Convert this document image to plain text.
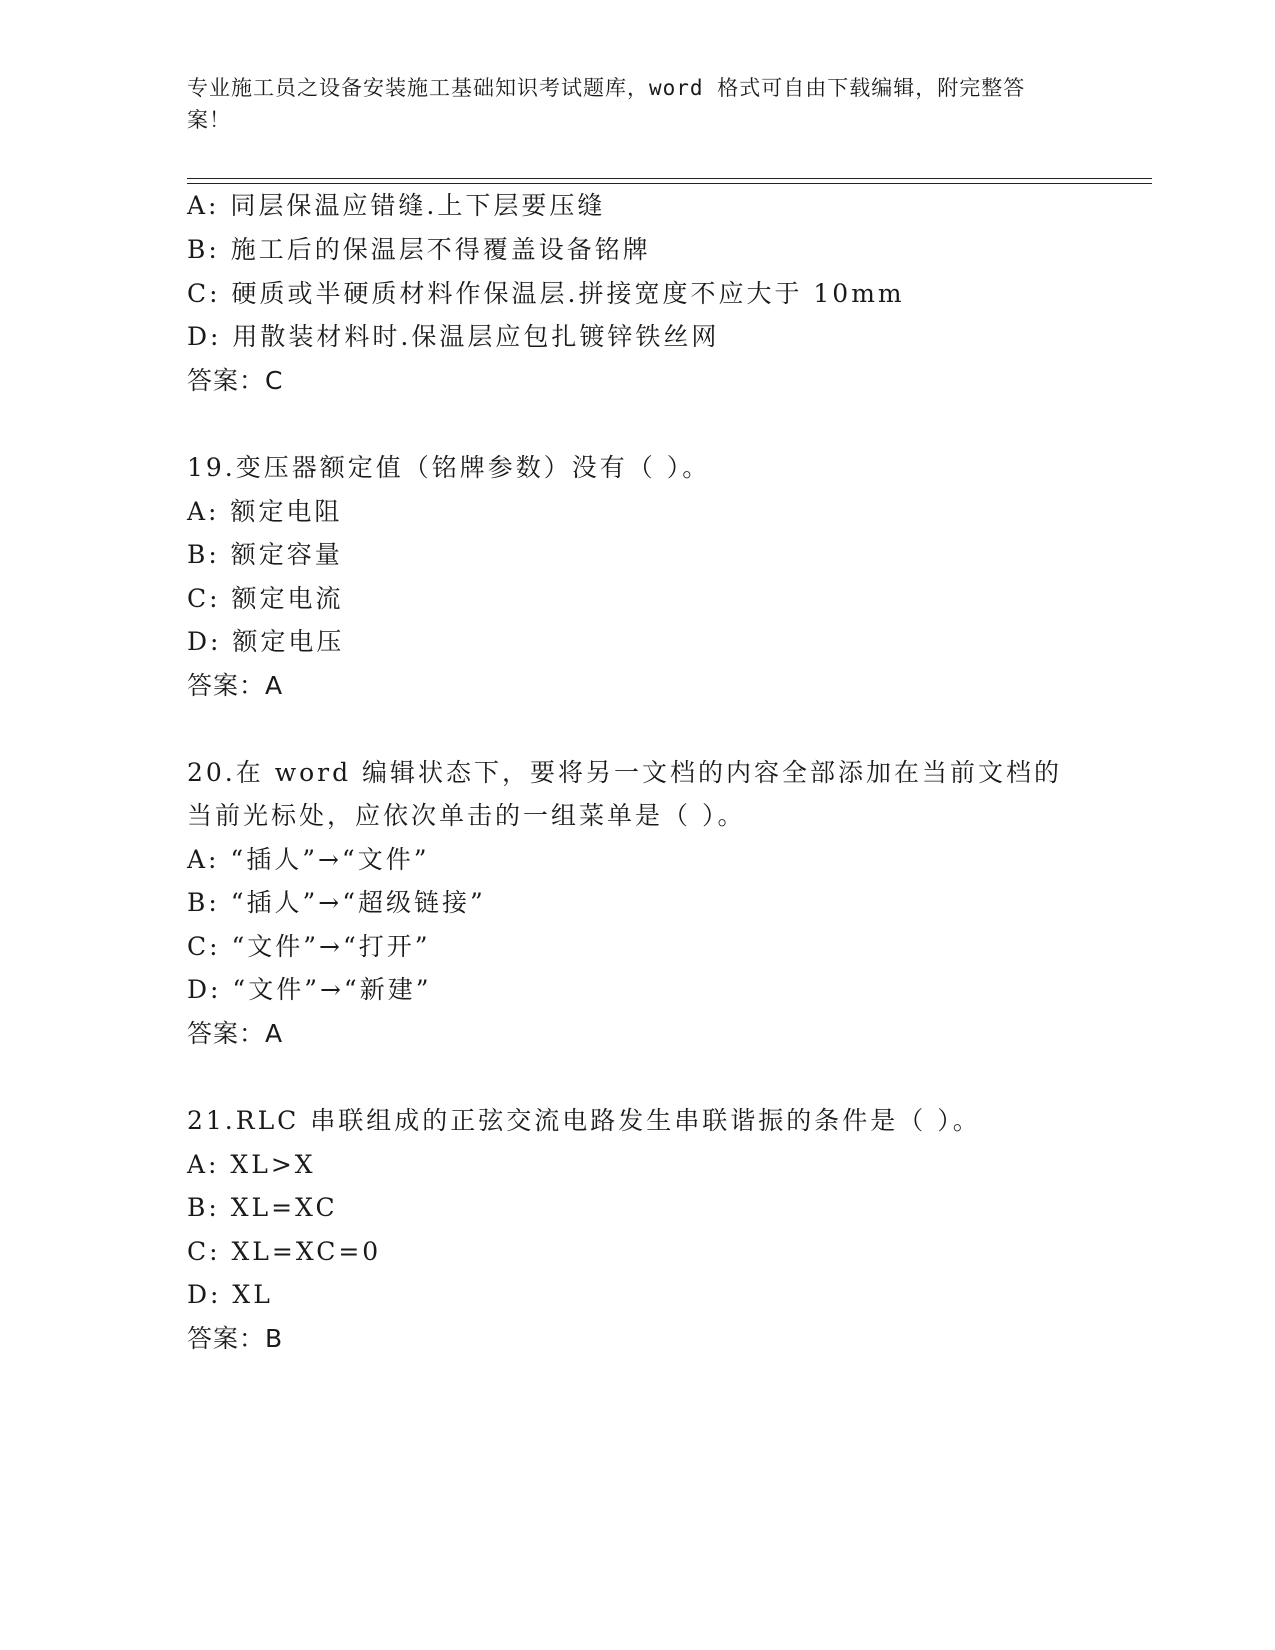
专业施工员之设备安装施工基础知识考试题库，word 格式可自由下载编辑，附完整答案！
A: 同层保温应错缝.上下层要压缝
B: 施工后的保温层不得覆盖设备铭牌
C: 硬质或半硬质材料作保温层.拼接宽度不应大于 10mm
D: 用散装材料时.保温层应包扎镀锌铁丝网
答案：C
19.变压器额定值（铭牌参数）没有（ ）。
A: 额定电阻
B: 额定容量
C: 额定电流
D: 额定电压
答案：A
20.在 word 编辑状态下，要将另一文档的内容全部添加在当前文档的
当前光标处，应依次单击的一组菜单是（ ）。
A: “插人”→“文件”
B: “插人”→“超级链接”
C: “文件”→“打开”
D: “文件”→“新建”
答案：A
21.RLC 串联组成的正弦交流电路发生串联谐振的条件是（ ）。
A: XL>X
B: XL=XC
C: XL=XC=0
D: XL
答案：B
